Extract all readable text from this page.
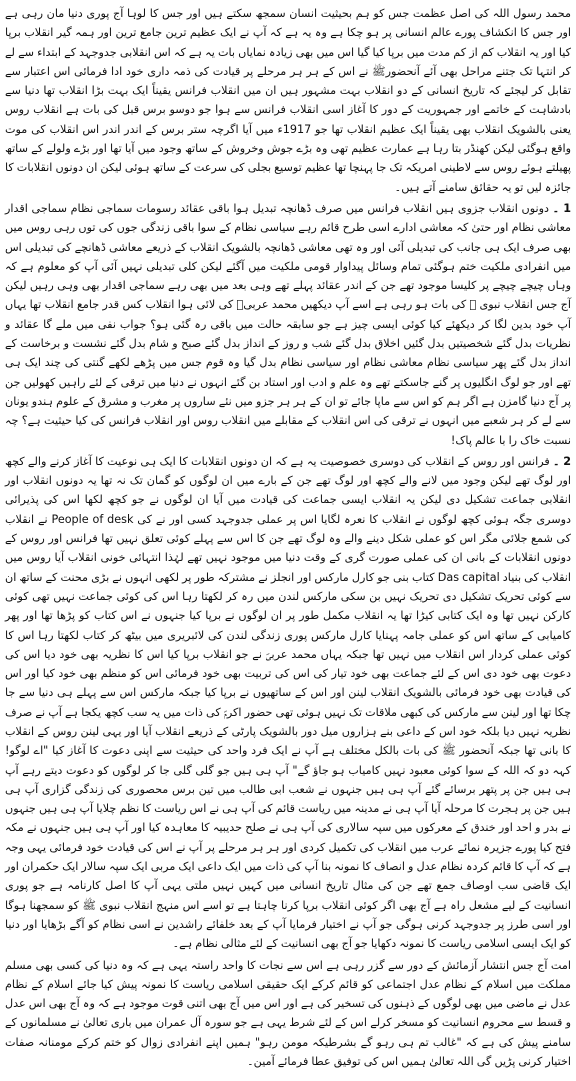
محمد رسول اللہ کی اصل عظمت جس کو ہم بحیثیت انسان سمجھ سکتے ہیں اور جس کا لوہا آج پوری دنیا مان رہی ہے اور جس کا انکشاف پورے عالم انسانی پر ہو چکا ہے وہ یہ ہے کہ آپ نے ایک عظیم ترین جامع ترین اور ہمہ گیر انقلاب برپا کیا اور یہ انقلاب کم از کم مدت میں برپا کیا گیا اس میں بھی زیادہ نمایاں بات یہ ہے کہ اس انقلابی جدوجہد کے ابتداء سے لے کر انتہا تک جتنے مراحل بھی آئے آنحضورﷺ نے اس کے ہر ہر مرحلے پر قیادت کی ذمہ داری خود ادا فرمائی اس اعتبار سے تقابل کر لیجئے کہ تاریخ انسانی کے دو انقلاب بہت مشہور ہیں ان میں انقلاب فرانس یقیناً ایک بہت بڑا انقلاب تھا دنیا سے بادشاہت کے خاتمے اور جمہوریت کے دور کا آغاز اسی انقلاب فرانس سے ہوا جو دوسو برس قبل کی بات ہے انقلاب روس یعنی بالشویک انقلاب بھی یقیناً ایک عظیم انقلاب تھا جو 1917ء میں آیا اگرچہ ستر برس کے اندر اندر اس انقلاب کی موت واقع ہوگئی لیکن کھنڈر بتا رہا ہے عمارت عظیم تھی وہ بڑے جوش وخروش کے ساتھ وجود میں آیا تھا اور بڑے ولولے کے ساتھ پھیلتے ہوئے روس سے لاطینی امریکہ تک جا پہنچا تھا عظیم توسیع بجلی کی سرعت کے ساتھ ہوئی لیکن ان دونوں انقلابات کا جائزہ لیں تو یہ حقائق سامنے آتے ہیں۔

1 ۔ دونوں انقلاب جزوی ہیں انقلاب فرانس میں صرف ڈھانچہ تبدیل ہوا باقی عقائد رسومات سماجی نظام سماجی اقدار معاشی نظام اور حتیٰ کہ معاشی ادارے اسی طرح قائم رہے سیاسی نظام کے سوا باقی زندگی جوں کی توں رہی روس میں بھی صرف ایک ہی جانب کی تبدیلی آئی اور وہ تھی معاشی ڈھانچہ بالشویک انقلاب کے ذریعے معاشی ڈھانچے کی تبدیلی اس میں انفرادی ملکیت ختم ہوگئی تمام وسائل پیداوار قومی ملکیت میں آگئے لیکن کلی تبدیلی نہیں آئی آپ کو معلوم ہے کہ وہاں چیچے چیچے پر کلیسا موجود تھے جن کے اندر عقائد پہلے تھے وہی بعد میں بھی رہے سماجی اقدار بھی وہی رہیں لیکن آج جس انقلاب نبوی ﷺ کی بات ہو رہی ہے اسے آپ دیکھیں محمد عربیؐ کی لائی ہوا انقلاب کس قدر جامع انقلاب تھا یہاں آپ خود بدین لگا کر دیکھئے کیا کوئی ایسی چیز ہے جو سابقہ حالت میں باقی رہ گئی ہو؟ جواب نفی میں ملے گا عقائد و نظریات بدل گئے شخصیتیں بدل گئیں اخلاق بدل گئے شب و روز کے انداز بدل گئے صبح و شام بدل گئے نشست و برخاست کے انداز بدل گئے پھر سیاسی نظام معاشی نظام اور سیاسی نظام بدل گیا وہ قوم جس میں پڑھے لکھے گنتی کی چند ایک ہی تھے اور جو لوگ انگلیوں پر گنے جاسکتے تھے وہ علم و ادب اور استاد بن گئے انہوں نے دنیا میں ترقی کے لئے راہیں کھولیں جن پر آج دنیا گامزن ہے اگر ہم کو اس سے ماپا جائے تو ان کے ہر ہر جزو میں نئے ساروں پر مغرب و مشرق کے علوم ہندو یونان سے لے کر ہر شعبے میں انہوں نے ترقی کی اس انقلاب کے مقابلے میں انقلاب روس اور انقلاب فرانس کی کیا حیثیت ہے؟ چہ نسبت خاک را با عالم پاک!

2 ۔ فرانس اور روس کے انقلاب کی دوسری خصوصیت یہ ہے کہ ان دونوں انقلابات کا ایک ہی نوعیت کا آغاز کرنے والے کچھ اور لوگ تھے لیکن وجود میں لانے والے کچھ اور لوگ تھے جن کے بارے میں ان لوگوں کو گمان تک نہ تھا یہ دونوں انقلاب اور انقلابی جماعت تشکیل دی لیکن یہ انقلاب ایسی جماعت کی قیادت میں آیا ان لوگوں نے جو کچھ لکھا اس کی پذیرائی دوسری جگہ ہوئی کچھ لوگوں نے انقلاب کا نعرہ لگایا اس پر عملی جدوجہد کسی اور نے کی People of desk نے انقلاب کی شمع جلائی مگر اس کو عملی شکل دینے والے وہ لوگ تھے جن کا اس سے پہلے کوئی تعلق نہیں تھا فرانس اور روس کے دونوں انقلابات کے بانی ان کی عملی صورت گری کے وقت دنیا میں موجود نہیں تھے لہٰذا انتہائی خونی انقلاب آیا روس میں انقلاب کی بنیاد Das capital کتاب بنی جو کارل مارکس اور انجلز نے مشترکہ طور پر لکھی انہوں نے بڑی محنت کے ساتھ ان سے کوئی تحریک تشکیل دی تحریک نہیں بن سکی مارکس لندن میں رہ کر لکھتا رہا اس کی کوئی جماعت نہیں تھی کوئی کارکن نہیں تھا وہ ایک کتابی کیڑا تھا یہ انقلاب مکمل طور پر ان لوگوں نے برپا کیا جنہوں نے اس کتاب کو پڑھا تھا اور پھر کامیابی کے ساتھ اس کو عملی جامہ پہنایا کارل مارکس پوری زندگی لندن کی لائبریری میں بیٹھ کر کتاب لکھتا رہا اس کا کوئی عملی کردار اس انقلاب میں نہیں تھا جبکہ یہاں محمد عربیؐ نے جو انقلاب برپا کیا اس کا نظریہ بھی خود دیا اس کی دعوت بھی خود دی اس کے لئے جماعت بھی خود تیار کی اس کی تربیت بھی خود فرمائی اس کو منظم بھی خود کیا اور اس کی قیادت بھی خود فرمائی بالشویک انقلاب لینن اور اس کے ساتھیوں نے برپا کیا جبکہ مارکس اس سے پہلے ہی دنیا سے جا چکا تھا اور لینن سے مارکس کی کبھی ملاقات تک نہیں ہوئی تھی حضور اکرمؐ کی ذات میں یہ سب کچھ یکجا ہے آپ نے صرف نظریہ نہیں دیا بلکہ خود اس کے داعی بنے ہزاروں میل دور بالشویک پارٹی کے ذریعے انقلاب آیا اور یہی لینن روس کے انقلاب کا بانی تھا جبکہ آنحضور ﷺ کی بات بالکل مختلف ہے آپ نے ایک فرد واحد کی حیثیت سے اپنی دعوت کا آغاز کیا "اے لوگو! کہہ دو کہ اللہ کے سوا کوئی معبود نہیں کامیاب ہو جاؤ گے" آپ ہی ہیں جو گلی گلی جا کر لوگوں کو دعوت دیتے رہے آپ ہی ہیں جن پر پتھر برسائے گئے آپ ہی ہیں جنہوں نے شعب ابی طالب میں تین برس محصوری کی زندگی گزاری آپ ہی ہیں جن پر ہجرت کا مرحلہ آیا آپ ہی نے مدینہ میں ریاست قائم کی آپ ہی نے اس ریاست کا نظم چلایا آپ ہی ہیں جنہوں نے بدر و احد اور خندق کے معرکوں میں سپہ سالاری کی آپ ہی نے صلح حدیبیہ کا معاہدہ کیا اور آپ ہی ہیں جنہوں نے مکہ فتح کیا پورے جزیرہ نمائے عرب میں انقلاب کی تکمیل کردی اور ہر ہر مرحلے پر آپ نے اس کی قیادت خود فرمائی یہی وجہ ہے کہ آپ کا قائم کردہ نظام عدل و انصاف کا نمونہ بنا آپ کی ذات میں ایک داعی ایک مربی ایک سپہ سالار ایک حکمران اور ایک قاضی سب اوصاف جمع تھے جن کی مثال تاریخ انسانی میں کہیں نہیں ملتی یہی آپ کا اصل کارنامہ ہے جو پوری انسانیت کے لیے مشعل راہ ہے آج بھی اگر کوئی انقلاب برپا کرنا چاہتا ہے تو اسے اس منہج انقلاب نبوی ﷺ کو سمجھنا ہوگا اور اسی طرز پر جدوجہد کرنی ہوگی جو آپ نے اختیار فرمایا آپ کے بعد خلفائے راشدین نے اسی نظام کو آگے بڑھایا اور دنیا کو ایک ایسی اسلامی ریاست کا نمونہ دکھایا جو آج بھی انسانیت کے لئے مثالی نظام ہے۔

امت آج جس انتشار آزمائش کے دور سے گزر رہی ہے اس سے نجات کا واحد راستہ یہی ہے کہ وہ دنیا کی کسی بھی مسلم مملکت میں اسلام کے نظام عدل اجتماعی کو قائم کرکے ایک حقیقی اسلامی ریاست کا نمونہ پیش کیا جائے اسلام کے نظام عدل نے ماضی میں بھی لوگوں کے ذہنوں کی تسخیر کی ہے اور اس میں آج بھی اتنی قوت موجود ہے کہ وہ آج بھی اس عدل و قسط سے محروم انسانیت کو مسخر کرلے اس کے لئے شرط یہی ہے جو سورہ آل عمران میں باری تعالیٰ نے مسلمانوں کے سامنے پیش کی ہے کہ "غالب تم ہی رہو گے بشرطیکہ مومن رہو" ہمیں اپنے انفرادی زوال کو ختم کرکے مومنانہ صفات اختیار کرنی پڑیں گی اللہ تعالیٰ ہمیں اس کی توفیق عطا فرمائے آمین۔
